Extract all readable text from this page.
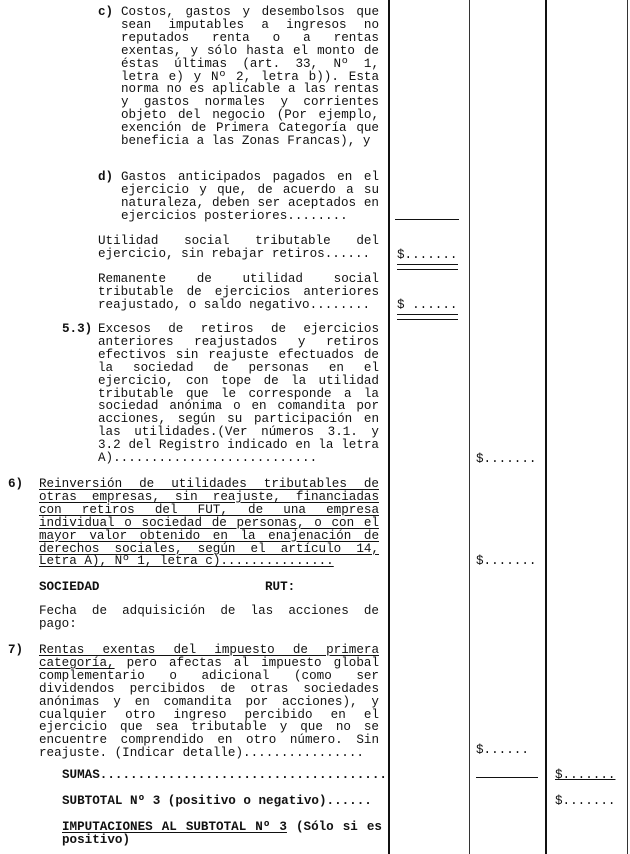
c) Costos, gastos y desembolsos que sean imputables a ingresos no reputados renta o a rentas exentas, y sólo hasta el monto de éstas últimas (art. 33, Nº 1, letra e) y Nº 2, letra b)). Esta norma no es aplicable a las rentas y gastos normales y corrientes objeto del negocio (Por ejemplo, exención de Primera Categoría que beneficia a las Zonas Francas), y
d) Gastos anticipados pagados en el ejercicio y que, de acuerdo a su naturaleza, deben ser aceptados en ejercicios posteriores........
Utilidad social tributable del ejercicio, sin rebajar retiros......	$.......
Remanente de utilidad social tributable de ejercicios anteriores reajustado, o saldo negativo........	$ ......
5.3) Excesos de retiros de ejercicios anteriores reajustados y retiros efectivos sin reajuste efectuados de la sociedad de personas en el ejercicio, con tope de la utilidad tributable que le corresponde a la sociedad anónima o en comandita por acciones, según su participación en las utilidades.(Ver números 3.1. y 3.2 del Registro indicado en la letra A)...........................	$.......
6) Reinversión de utilidades tributables de otras empresas, sin reajuste, financiadas con retiros del FUT, de una empresa individual o sociedad de personas, o con el mayor valor obtenido en la enajenación de derechos sociales, según el artículo 14, Letra A), Nº 1, letra c)...............	$.......
SOCIEDAD	RUT:
Fecha de adquisición de las acciones de pago:
7) Rentas exentas del impuesto de primera categoría, pero afectas al impuesto global complementario o adicional (como ser dividendos percibidos de otras sociedades anónimas y en comandita por acciones), y cualquier otro ingreso percibido en el ejercicio que sea tributable y que no se encuentre comprendido en otro número. Sin reajuste. (Indicar detalle)................	$......
SUMAS......................................	$.......
SUBTOTAL Nº 3 (positivo o negativo)......	$.......
IMPUTACIONES AL SUBTOTAL Nº 3 (Sólo si es positivo)
